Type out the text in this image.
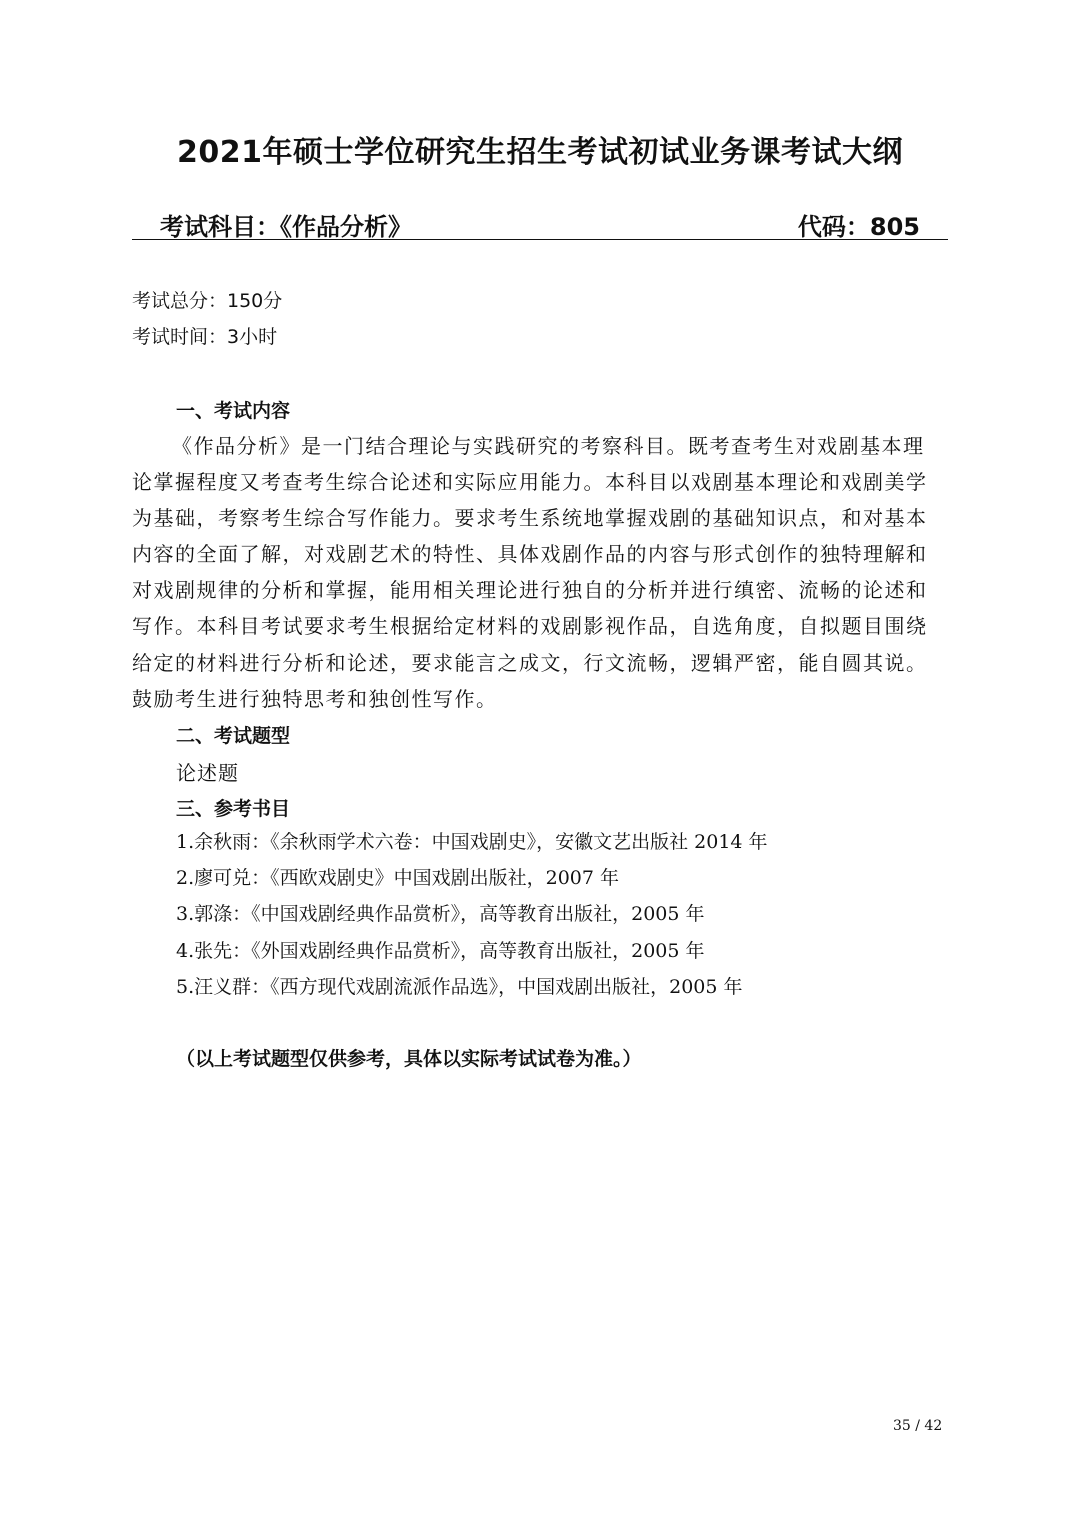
2021年硕士学位研究生招生考试初试业务课考试大纲
考试科目：《作品分析》	代码：805
考试总分：150分
考试时间：3小时
一、考试内容
《作品分析》是一门结合理论与实践研究的考察科目。既考查考生对戏剧基本理
论掌握程度又考查考生综合论述和实际应用能力。本科目以戏剧基本理论和戏剧美学
为基础，考察考生综合写作能力。要求考生系统地掌握戏剧的基础知识点，和对基本
内容的全面了解，对戏剧艺术的特性、具体戏剧作品的内容与形式创作的独特理解和
对戏剧规律的分析和掌握，能用相关理论进行独自的分析并进行缜密、流畅的论述和
写作。本科目考试要求考生根据给定材料的戏剧影视作品，自选角度，自拟题目围绕
给定的材料进行分析和论述，要求能言之成文，行文流畅，逻辑严密，能自圆其说。
鼓励考生进行独特思考和独创性写作。
二、考试题型
论述题
三、参考书目
1.余秋雨：《余秋雨学术六卷：中国戏剧史》，安徽文艺出版社 2014 年
2.廖可兑：《西欧戏剧史》中国戏剧出版社，2007 年
3.郭涤：《中国戏剧经典作品赏析》，高等教育出版社，2005 年
4.张先：《外国戏剧经典作品赏析》，高等教育出版社，2005 年
5.汪义群：《西方现代戏剧流派作品选》，中国戏剧出版社，2005 年
（以上考试题型仅供参考，具体以实际考试试卷为准。）
35 / 42
